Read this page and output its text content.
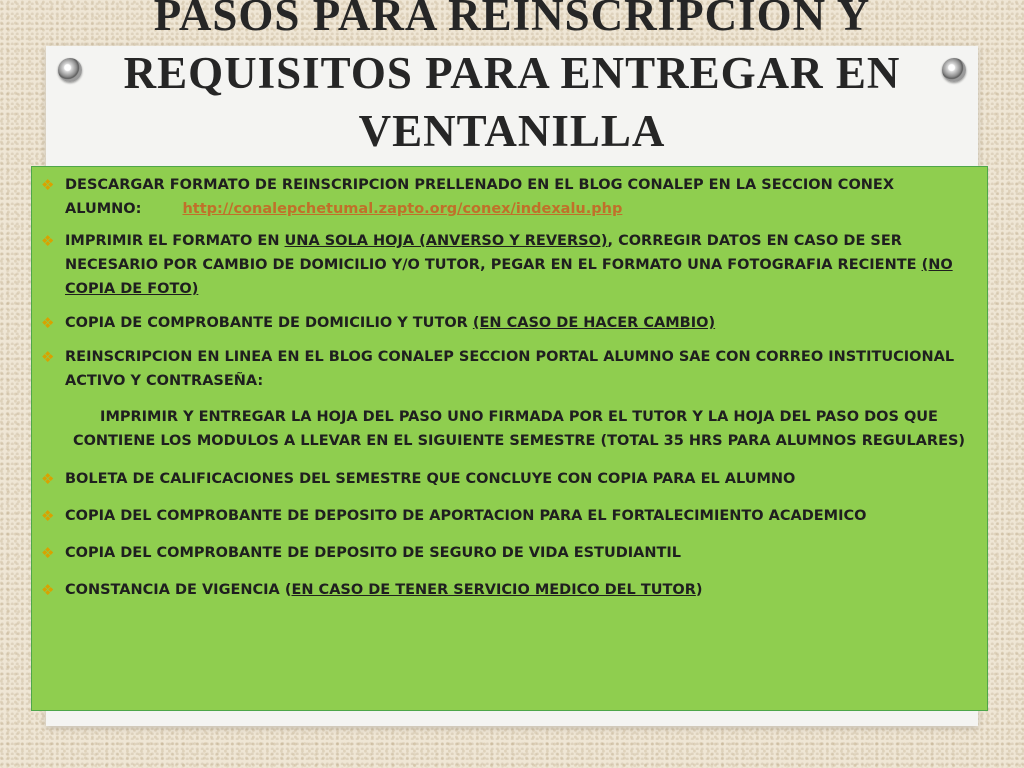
PASOS PARA REINSCRIPCION Y REQUISITOS PARA ENTREGAR EN VENTANILLA

❖ DESCARGAR FORMATO DE REINSCRIPCION PRELLENADO EN EL BLOG CONALEP EN LA SECCION CONEX ALUMNO:	http://conalepchetumal.zapto.org/conex/indexalu.php

❖ IMPRIMIR EL FORMATO EN UNA SOLA HOJA (ANVERSO Y REVERSO), CORREGIR DATOS EN CASO DE SER NECESARIO POR CAMBIO DE DOMICILIO Y/O TUTOR, PEGAR EN EL FORMATO UNA FOTOGRAFIA RECIENTE (NO COPIA DE FOTO)

❖ COPIA DE COMPROBANTE DE DOMICILIO Y TUTOR (EN CASO DE HACER CAMBIO)

❖ REINSCRIPCION EN LINEA EN EL BLOG CONALEP SECCION PORTAL ALUMNO SAE CON CORREO INSTITUCIONAL ACTIVO Y CONTRASEÑA:

IMPRIMIR Y ENTREGAR LA HOJA DEL PASO UNO FIRMADA POR EL TUTOR Y LA HOJA DEL PASO DOS QUE CONTIENE LOS MODULOS A LLEVAR EN EL SIGUIENTE SEMESTRE (TOTAL 35 HRS PARA ALUMNOS REGULARES)

❖ BOLETA DE CALIFICACIONES DEL SEMESTRE QUE CONCLUYE CON COPIA PARA EL ALUMNO

❖ COPIA DEL COMPROBANTE DE DEPOSITO DE APORTACION PARA EL FORTALECIMIENTO ACADEMICO

❖ COPIA DEL COMPROBANTE DE DEPOSITO DE SEGURO DE VIDA ESTUDIANTIL

❖ CONSTANCIA DE VIGENCIA (EN CASO DE TENER SERVICIO MEDICO DEL TUTOR)
